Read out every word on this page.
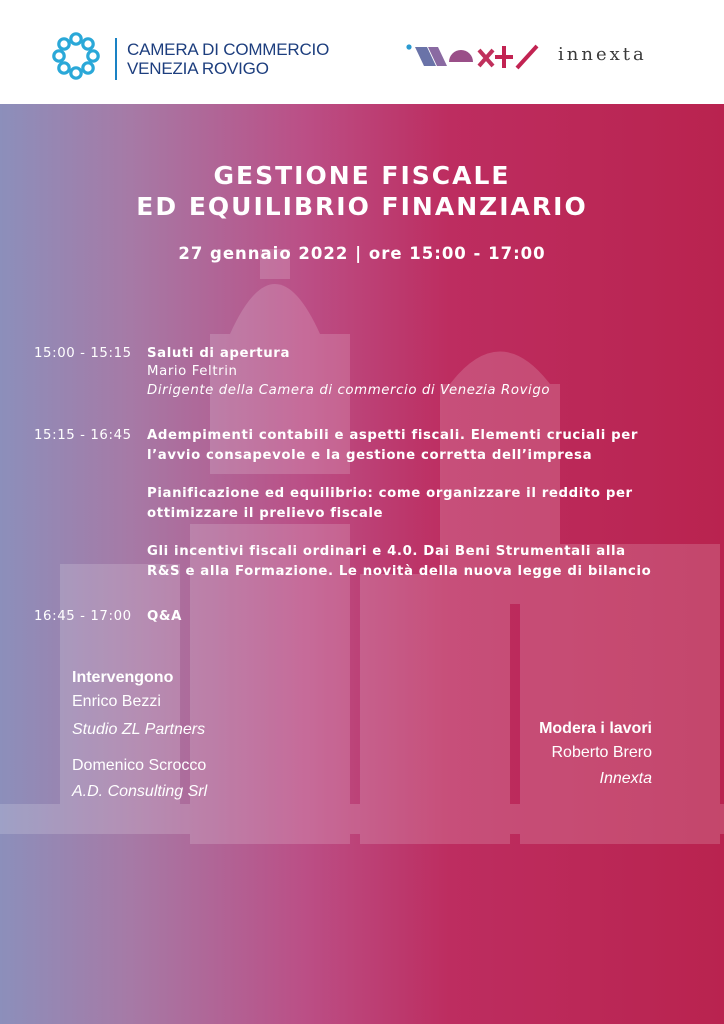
CAMERA DI COMMERCIO
VENEZIA ROVIGO
innexta
GESTIONE FISCALE
ED EQUILIBRIO FINANZIARIO
27 gennaio 2022 | ore 15:00 - 17:00
15:00 - 15:15 Saluti di apertura
Mario Feltrin
Dirigente della Camera di commercio di Venezia Rovigo
15:15 - 16:45 Adempimenti contabili e aspetti fiscali. Elementi cruciali per
l’avvio consapevole e la gestione corretta dell’impresa
Pianificazione ed equilibrio: come organizzare il reddito per
ottimizzare il prelievo fiscale
Gli incentivi fiscali ordinari e 4.0. Dai Beni Strumentali alla
R&S e alla Formazione. Le novità della nuova legge di bilancio
16:45 - 17:00 Q&A
Intervengono
Enrico Bezzi
Studio ZL Partners
Domenico Scrocco
A.D. Consulting Srl
Modera i lavori
Roberto Brero
Innexta
